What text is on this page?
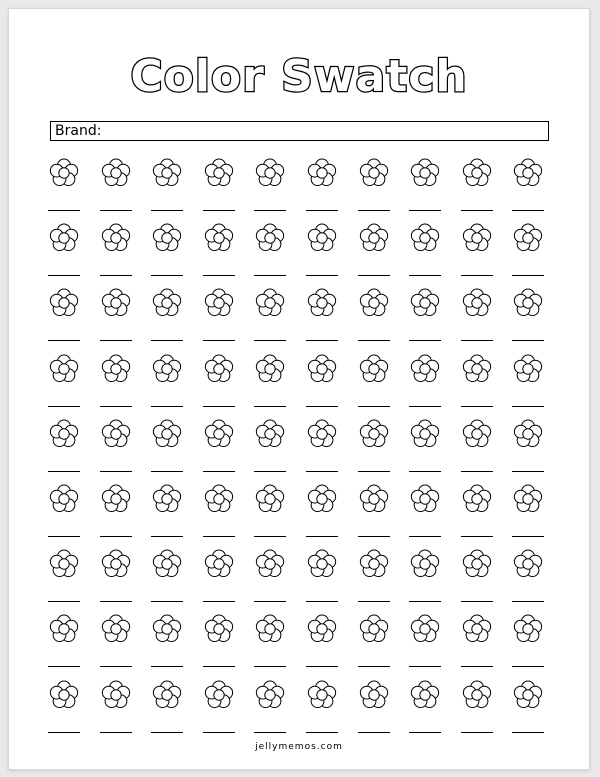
Color Swatch
Brand:
jellymemos.com
